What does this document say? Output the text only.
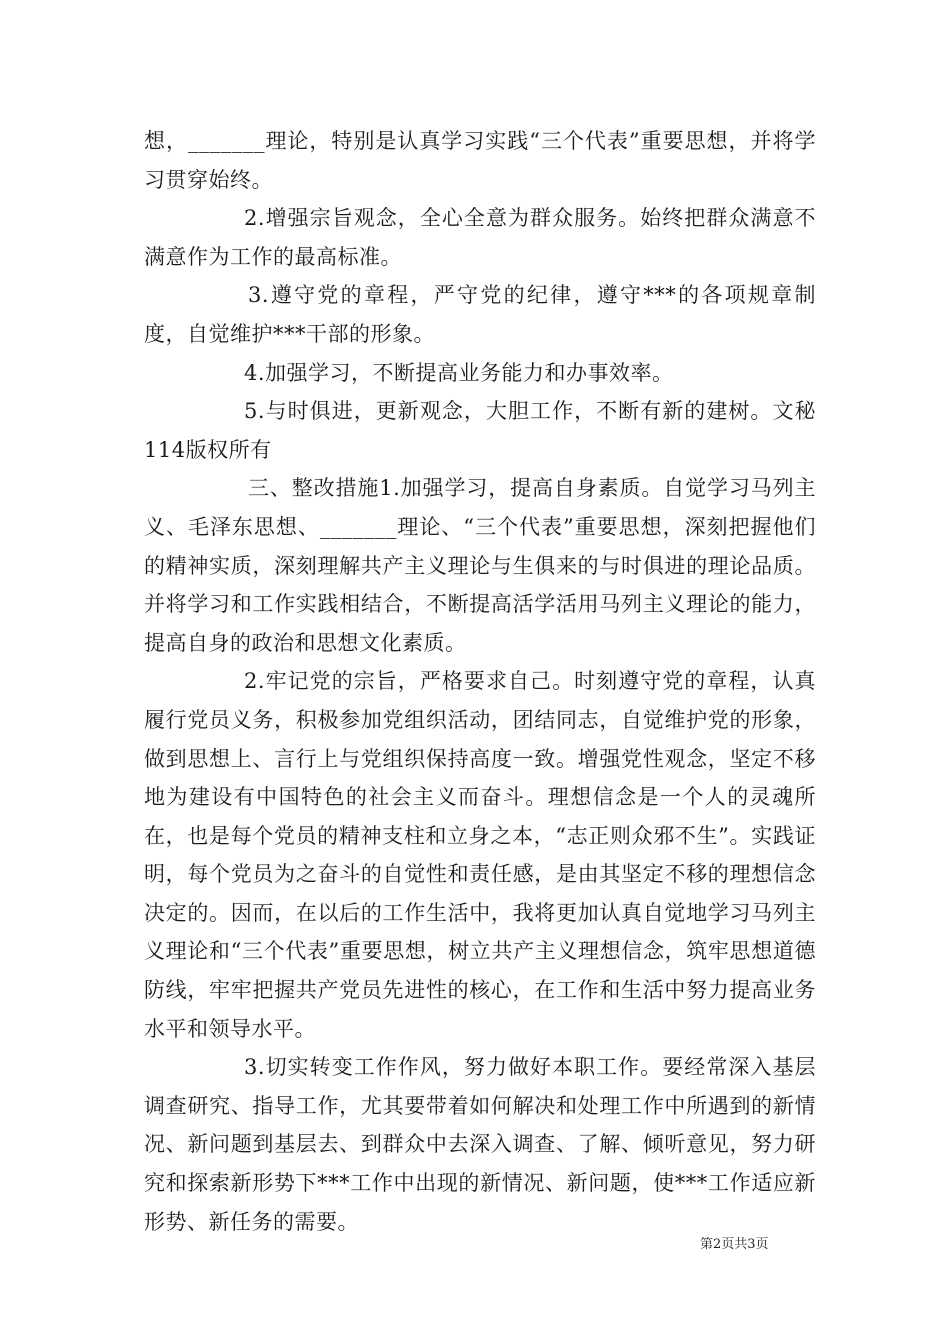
想，_______理论，特别是认真学习实践“三个代表”重要思想，并将学习贯穿始终。

2.增强宗旨观念，全心全意为群众服务。始终把群众满意不满意作为工作的最高标准。

3.遵守党的章程，严守党的纪律，遵守***的各项规章制度，自觉维护***干部的形象。

4.加强学习，不断提高业务能力和办事效率。

5.与时俱进，更新观念，大胆工作，不断有新的建树。文秘114版权所有

三、整改措施1.加强学习，提高自身素质。自觉学习马列主义、毛泽东思想、_______理论、“三个代表”重要思想，深刻把握他们的精神实质，深刻理解共产主义理论与生俱来的与时俱进的理论品质。并将学习和工作实践相结合，不断提高活学活用马列主义理论的能力，提高自身的政治和思想文化素质。

2.牢记党的宗旨，严格要求自己。时刻遵守党的章程，认真履行党员义务，积极参加党组织活动，团结同志，自觉维护党的形象，做到思想上、言行上与党组织保持高度一致。增强党性观念，坚定不移地为建设有中国特色的社会主义而奋斗。理想信念是一个人的灵魂所在，也是每个党员的精神支柱和立身之本，“志正则众邪不生”。实践证明，每个党员为之奋斗的自觉性和责任感，是由其坚定不移的理想信念决定的。因而，在以后的工作生活中，我将更加认真自觉地学习马列主义理论和“三个代表”重要思想，树立共产主义理想信念，筑牢思想道德防线，牢牢把握共产党员先进性的核心，在工作和生活中努力提高业务水平和领导水平。

3.切实转变工作作风，努力做好本职工作。要经常深入基层调查研究、指导工作，尤其要带着如何解决和处理工作中所遇到的新情况、新问题到基层去、到群众中去深入调查、了解、倾听意见，努力研究和探索新形势下***工作中出现的新情况、新问题，使***工作适应新形势、新任务的需要。

第2页共3页
